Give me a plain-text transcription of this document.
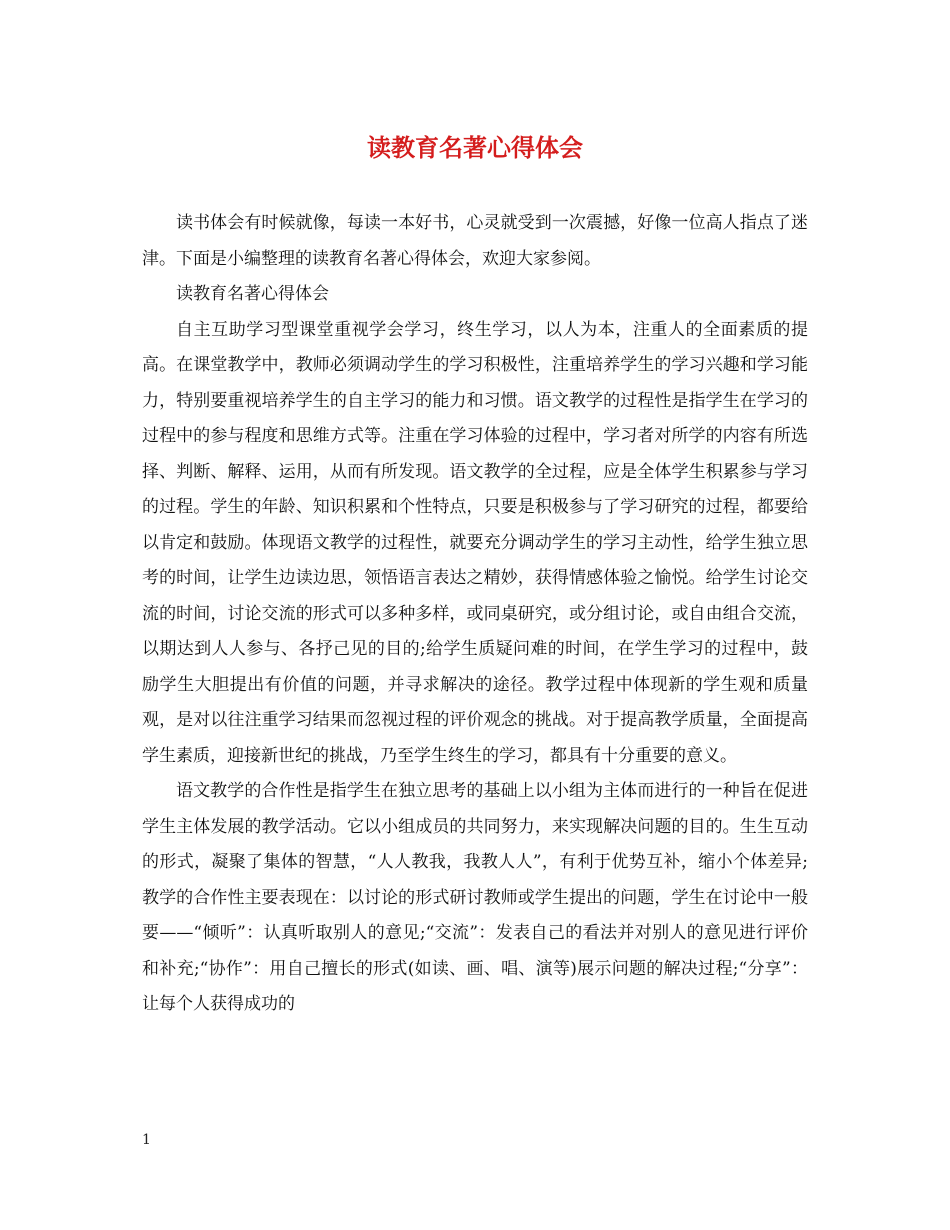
读教育名著心得体会

读书体会有时候就像，每读一本好书，心灵就受到一次震撼，好像一位高人指点了迷津。下面是小编整理的读教育名著心得体会，欢迎大家参阅。

读教育名著心得体会

自主互助学习型课堂重视学会学习，终生学习，以人为本，注重人的全面素质的提高。在课堂教学中，教师必须调动学生的学习积极性，注重培养学生的学习兴趣和学习能力，特别要重视培养学生的自主学习的能力和习惯。语文教学的过程性是指学生在学习的过程中的参与程度和思维方式等。注重在学习体验的过程中，学习者对所学的内容有所选择、判断、解释、运用，从而有所发现。语文教学的全过程，应是全体学生积累参与学习的过程。学生的年龄、知识积累和个性特点，只要是积极参与了学习研究的过程，都要给以肯定和鼓励。体现语文教学的过程性，就要充分调动学生的学习主动性，给学生独立思考的时间，让学生边读边思，领悟语言表达之精妙，获得情感体验之愉悦。给学生讨论交流的时间，讨论交流的形式可以多种多样，或同桌研究，或分组讨论，或自由组合交流，以期达到人人参与、各抒己见的目的;给学生质疑问难的时间，在学生学习的过程中，鼓励学生大胆提出有价值的问题，并寻求解决的途径。教学过程中体现新的学生观和质量观，是对以往注重学习结果而忽视过程的评价观念的挑战。对于提高教学质量，全面提高学生素质，迎接新世纪的挑战，乃至学生终生的学习，都具有十分重要的意义。

语文教学的合作性是指学生在独立思考的基础上以小组为主体而进行的一种旨在促进学生主体发展的教学活动。它以小组成员的共同努力，来实现解决问题的目的。生生互动的形式，凝聚了集体的智慧，“人人教我，我教人人”，有利于优势互补，缩小个体差异;教学的合作性主要表现在：以讨论的形式研讨教师或学生提出的问题，学生在讨论中一般要——“倾听”：认真听取别人的意见;“交流”：发表自己的看法并对别人的意见进行评价和补充;“协作”：用自己擅长的形式(如读、画、唱、演等)展示问题的解决过程;“分享”：让每个人获得成功的

1
